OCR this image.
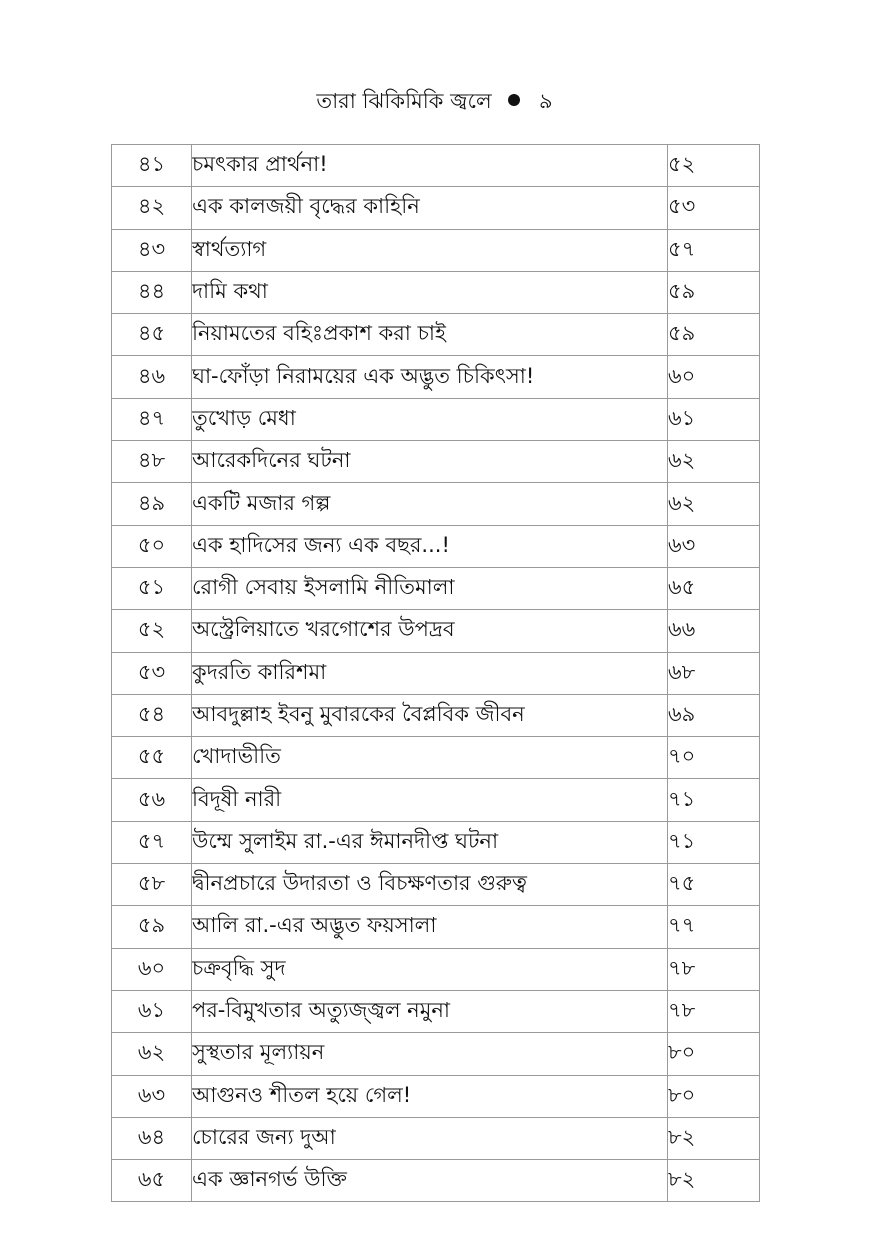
তারা ঝিকিমিকি জ্বলে ৯
৪১	চমৎকার প্রার্থনা!	৫২
৪২	এক কালজয়ী বৃদ্ধের কাহিনি	৫৩
৪৩	স্বার্থত্যাগ	৫৭
৪৪	দামি কথা	৫৯
৪৫	নিয়ামতের বহিঃপ্রকাশ করা চাই	৫৯
৪৬	ঘা-ফোঁড়া নিরাময়ের এক অদ্ভুত চিকিৎসা!	৬০
৪৭	তুখোড় মেধা	৬১
৪৮	আরেকদিনের ঘটনা	৬২
৪৯	একটি মজার গল্প	৬২
৫০	এক হাদিসের জন্য এক বছর...!	৬৩
৫১	রোগী সেবায় ইসলামি নীতিমালা	৬৫
৫২	অস্ট্রেলিয়াতে খরগোশের উপদ্রব	৬৬
৫৩	কুদরতি কারিশমা	৬৮
৫৪	আবদুল্লাহ ইবনু মুবারকের বৈপ্লবিক জীবন	৬৯
৫৫	খোদাভীতি	৭০
৫৬	বিদূষী নারী	৭১
৫৭	উম্মে সুলাইম রা.-এর ঈমানদীপ্ত ঘটনা	৭১
৫৮	দ্বীনপ্রচারে উদারতা ও বিচক্ষণতার গুরুত্ব	৭৫
৫৯	আলি রা.-এর অদ্ভুত ফয়সালা	৭৭
৬০	চক্রবৃদ্ধি সুদ	৭৮
৬১	পর-বিমুখতার অত্যুজ্জ্বল নমুনা	৭৮
৬২	সুস্থতার মূল্যায়ন	৮০
৬৩	আগুনও শীতল হয়ে গেল!	৮০
৬৪	চোরের জন্য দুআ	৮২
৬৫	এক জ্ঞানগর্ভ উক্তি	৮২
